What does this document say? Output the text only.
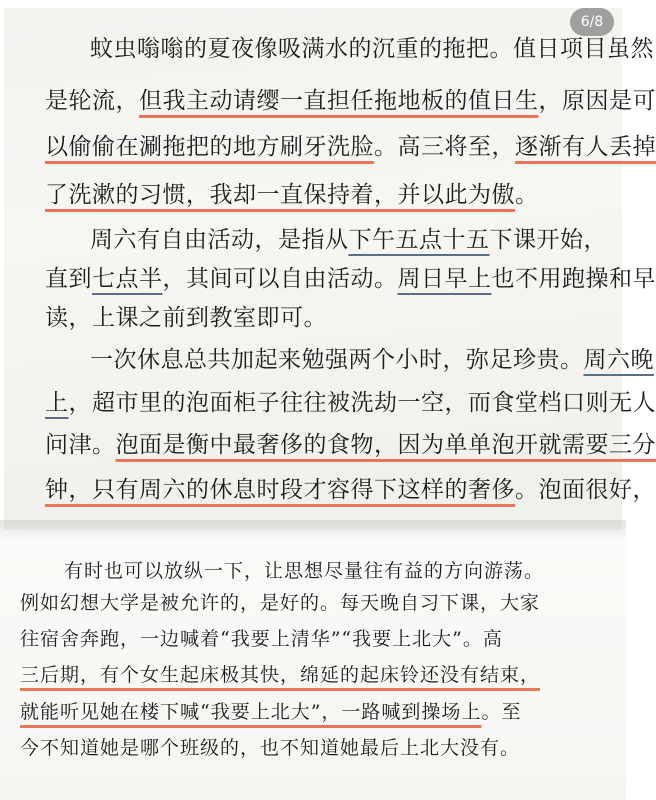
蚊虫嗡嗡的夏夜像吸满水的沉重的拖把。值日项目虽然
是轮流，但我主动请缨一直担任拖地板的值日生，原因是可
以偷偷在涮拖把的地方刷牙洗脸。高三将至，逐渐有人丢掉
了洗漱的习惯，我却一直保持着，并以此为傲。
周六有自由活动，是指从下午五点十五下课开始，
直到七点半，其间可以自由活动。周日早上也不用跑操和早
读，上课之前到教室即可。
一次休息总共加起来勉强两个小时，弥足珍贵。周六晚
上，超市里的泡面柜子往往被洗劫一空，而食堂档口则无人
问津。泡面是衡中最奢侈的食物，因为单单泡开就需要三分
钟，只有周六的休息时段才容得下这样的奢侈。泡面很好，
有时也可以放纵一下，让思想尽量往有益的方向游荡。
例如幻想大学是被允许的，是好的。每天晚自习下课，大家
往宿舍奔跑，一边喊着“我要上清华”“我要上北大”。高
三后期，有个女生起床极其快，绵延的起床铃还没有结束，
就能听见她在楼下喊“我要上北大”，一路喊到操场上。至
今不知道她是哪个班级的，也不知道她最后上北大没有。
6/8
